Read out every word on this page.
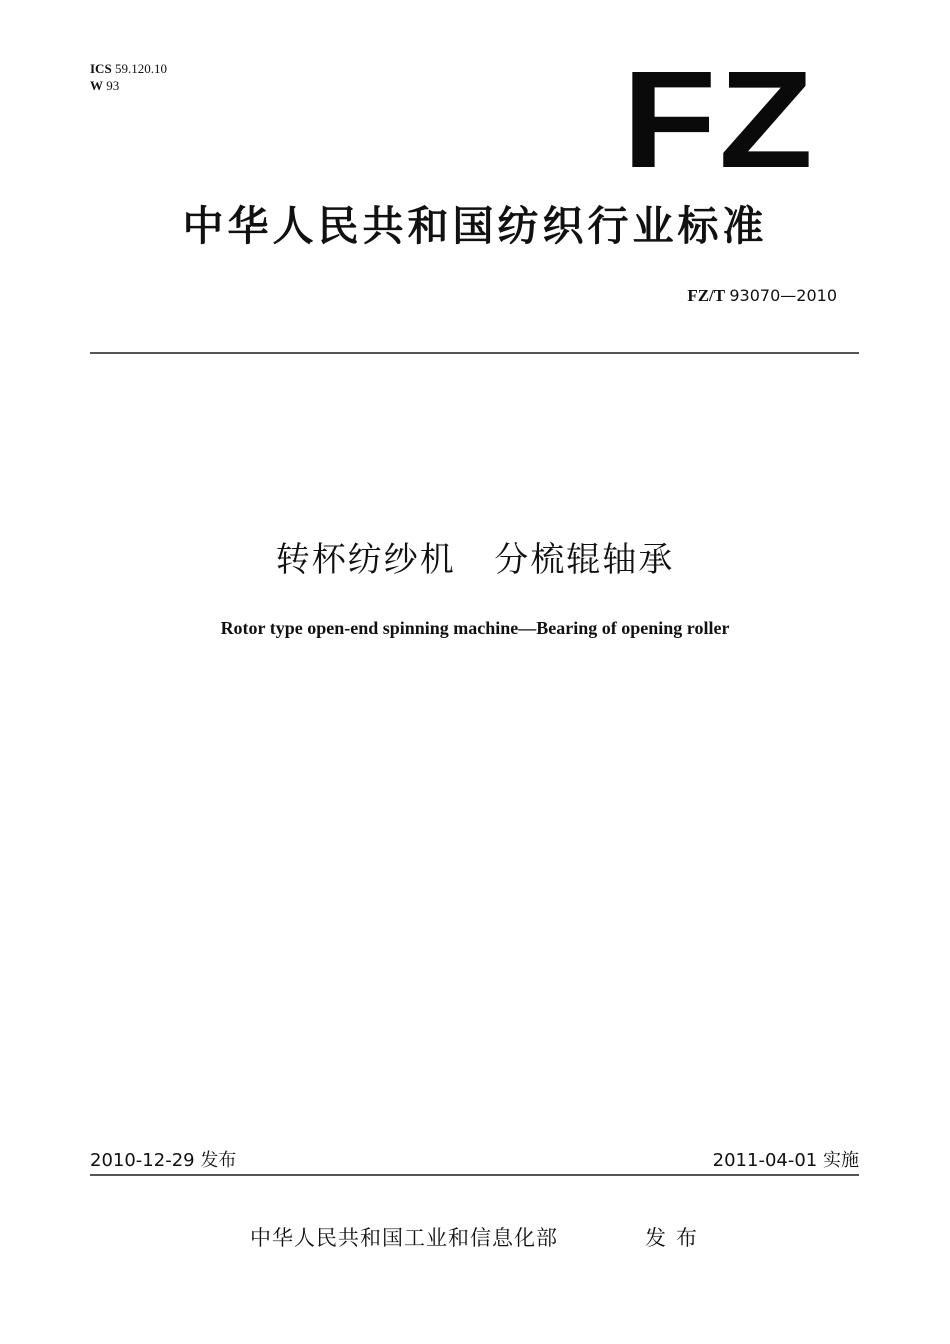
ICS 59.120.10
W 93	FZ
中华人民共和国纺织行业标准
FZ/T 93070—2010
转杯纺纱机   分梳辊轴承
Rotor type open-end spinning machine—Bearing of opening roller
2010-12-29 发布	2011-04-01 实施
中华人民共和国工业和信息化部	发布
